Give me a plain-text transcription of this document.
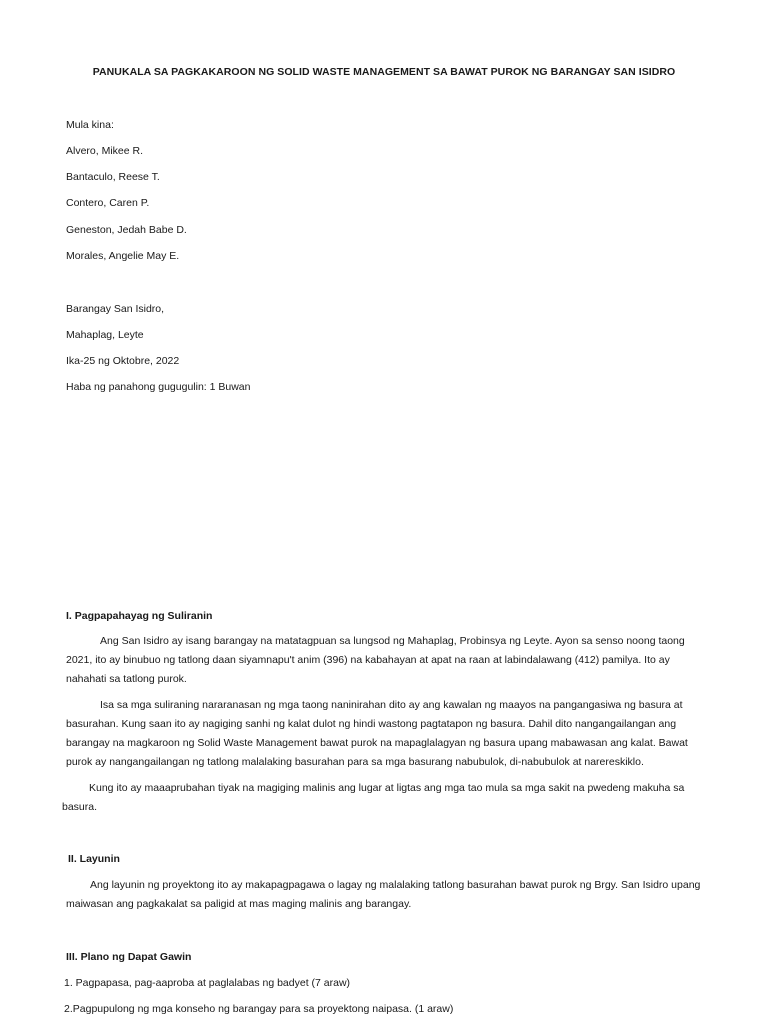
PANUKALA SA PAGKAKAROON NG SOLID WASTE MANAGEMENT SA BAWAT PUROK NG BARANGAY SAN ISIDRO
Mula kina:
Alvero, Mikee R.
Bantaculo, Reese T.
Contero, Caren P.
Geneston, Jedah Babe D.
Morales, Angelie May E.
Barangay San Isidro,
Mahaplag, Leyte
Ika-25 ng Oktobre, 2022
Haba ng panahong gugugulin: 1 Buwan
I. Pagpapahayag ng Suliranin
Ang San Isidro ay isang barangay na matatagpuan sa lungsod ng Mahaplag, Probinsya ng Leyte. Ayon sa senso noong taong 2021, ito ay binubuo ng tatlong daan siyamnapu't anim (396) na kabahayan at apat na raan at labindalawang (412) pamilya. Ito ay nahahati sa tatlong purok.
Isa sa mga suliraning nararanasan ng mga taong naninirahan dito ay ang kawalan ng maayos na pangangasiwa ng basura at basurahan. Kung saan ito ay nagiging sanhi ng kalat dulot ng hindi wastong pagtatapon ng basura. Dahil dito nangangailangan ang barangay na magkaroon ng Solid Waste Management bawat purok na mapaglalagyan ng basura upang mabawasan ang kalat. Bawat purok ay nangangailangan ng tatlong malalaking basurahan para sa mga basurang nabubulok, di-nabubulok at narereskiklo.
Kung ito ay maaaprubahan tiyak na magiging malinis ang lugar at ligtas ang mga tao mula sa mga sakit na pwedeng makuha sa basura.
II. Layunin
Ang layunin ng proyektong ito ay makapagpagawa o lagay ng malalaking tatlong basurahan bawat purok ng Brgy. San Isidro upang maiwasan ang pagkakalat sa paligid at mas maging malinis ang barangay.
III. Plano ng Dapat Gawin
1. Pagpapasa, pag-aaproba at paglalabas ng badyet (7 araw)
2.Pagpupulong ng mga konseho ng barangay para sa proyektong naipasa. (1 araw)
